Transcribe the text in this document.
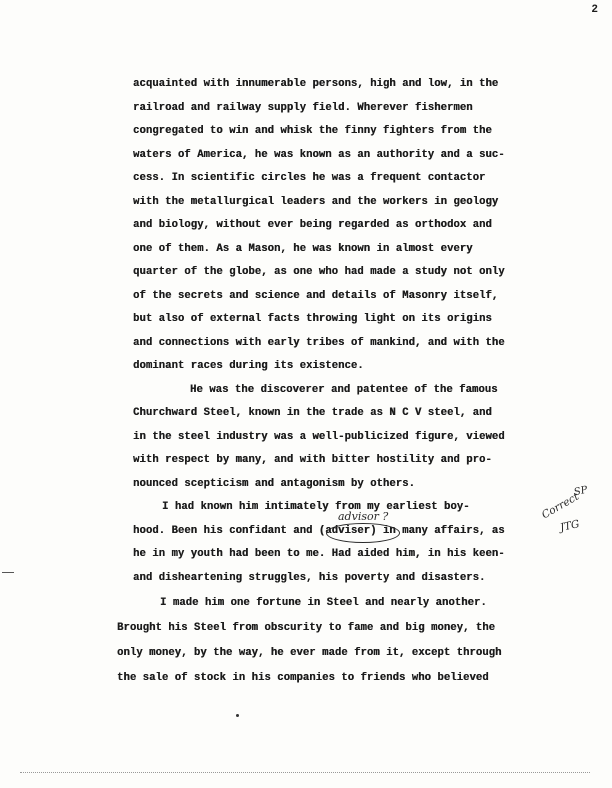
2
acquainted with innumerable persons, high and low, in the
railroad and railway supply field. Wherever fishermen
congregated to win and whisk the finny fighters from the
waters of America, he was known as an authority and a suc-
cess. In scientific circles he was a frequent contactor
with the metallurgical leaders and the workers in geology
and biology, without ever being regarded as orthodox and
one of them. As a Mason, he was known in almost every
quarter of the globe, as one who had made a study not only
of the secrets and science and details of Masonry itself,
but also of external facts throwing light on its origins
and connections with early tribes of mankind, and with the
dominant races during its existence.
He was the discoverer and patentee of the famous
Churchward Steel, known in the trade as N C V steel, and
in the steel industry was a well-publicized figure, viewed
with respect by many, and with bitter hostility and pro-
nounced scepticism and antagonism by others.
I had known him intimately from my earliest boy-
hood. Been his confidant and (adviser) in many affairs, as
he in my youth had been to me. Had aided him, in his keen-
and disheartening struggles, his poverty and disasters.
I made him one fortune in Steel and nearly another.
Brought his Steel from obscurity to fame and big money, the
only money, by the way, he ever made from it, except through
the sale of stock in his companies to friends who believed
advisor ?
SP
Correct
JTG
